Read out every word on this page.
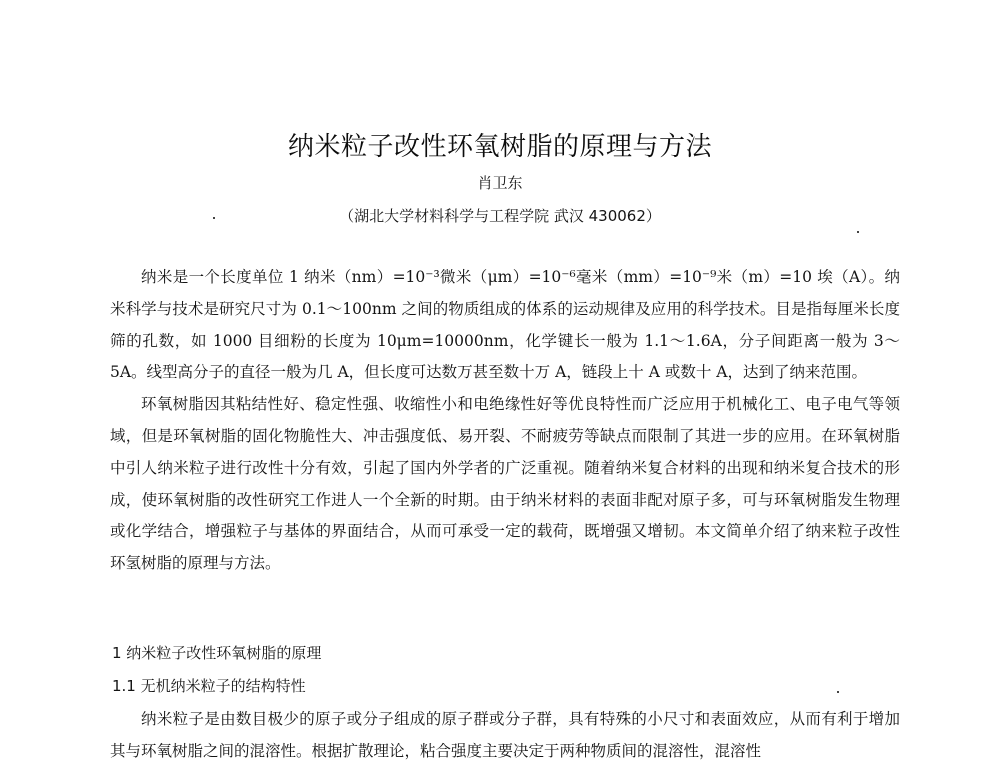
纳米粒子改性环氧树脂的原理与方法
肖卫东
（湖北大学材料科学与工程学院 武汉 430062）

纳米是一个长度单位 1 纳米（nm）=10⁻³微米（μm）=10⁻⁶毫米（mm）=10⁻⁹米（m）=10 埃（A）。纳米科学与技术是研究尺寸为 0.1～100nm 之间的物质组成的体系的运动规律及应用的科学技术。目是指每厘米长度筛的孔数，如 1000 目细粉的长度为 10μm=10000nm，化学键长一般为 1.1～1.6A，分子间距离一般为 3～5A。线型高分子的直径一般为几 A，但长度可达数万甚至数十万 A，链段上十 A 或数十 A，达到了纳来范围。

环氧树脂因其粘结性好、稳定性强、收缩性小和电绝缘性好等优良特性而广泛应用于机械化工、电子电气等领域，但是环氧树脂的固化物脆性大、冲击强度低、易开裂、不耐疲劳等缺点而限制了其进一步的应用。在环氧树脂中引人纳米粒子进行改性十分有效，引起了国内外学者的广泛重视。随着纳米复合材料的出现和纳米复合技术的形成，使环氧树脂的改性研究工作进人一个全新的时期。由于纳米材料的表面非配对原子多，可与环氧树脂发生物理或化学结合，增强粒子与基体的界面结合，从而可承受一定的载荷，既增强又增韧。本文简单介绍了纳来粒子改性环氢树脂的原理与方法。

1 纳米粒子改性环氧树脂的原理
1.1 无机纳米粒子的结构特性

纳米粒子是由数目极少的原子或分子组成的原子群或分子群，具有特殊的小尺寸和表面效应，从而有利于增加其与环氧树脂之间的混溶性。根据扩散理论，粘合强度主要决定于两种物质间的混溶性，混溶性
